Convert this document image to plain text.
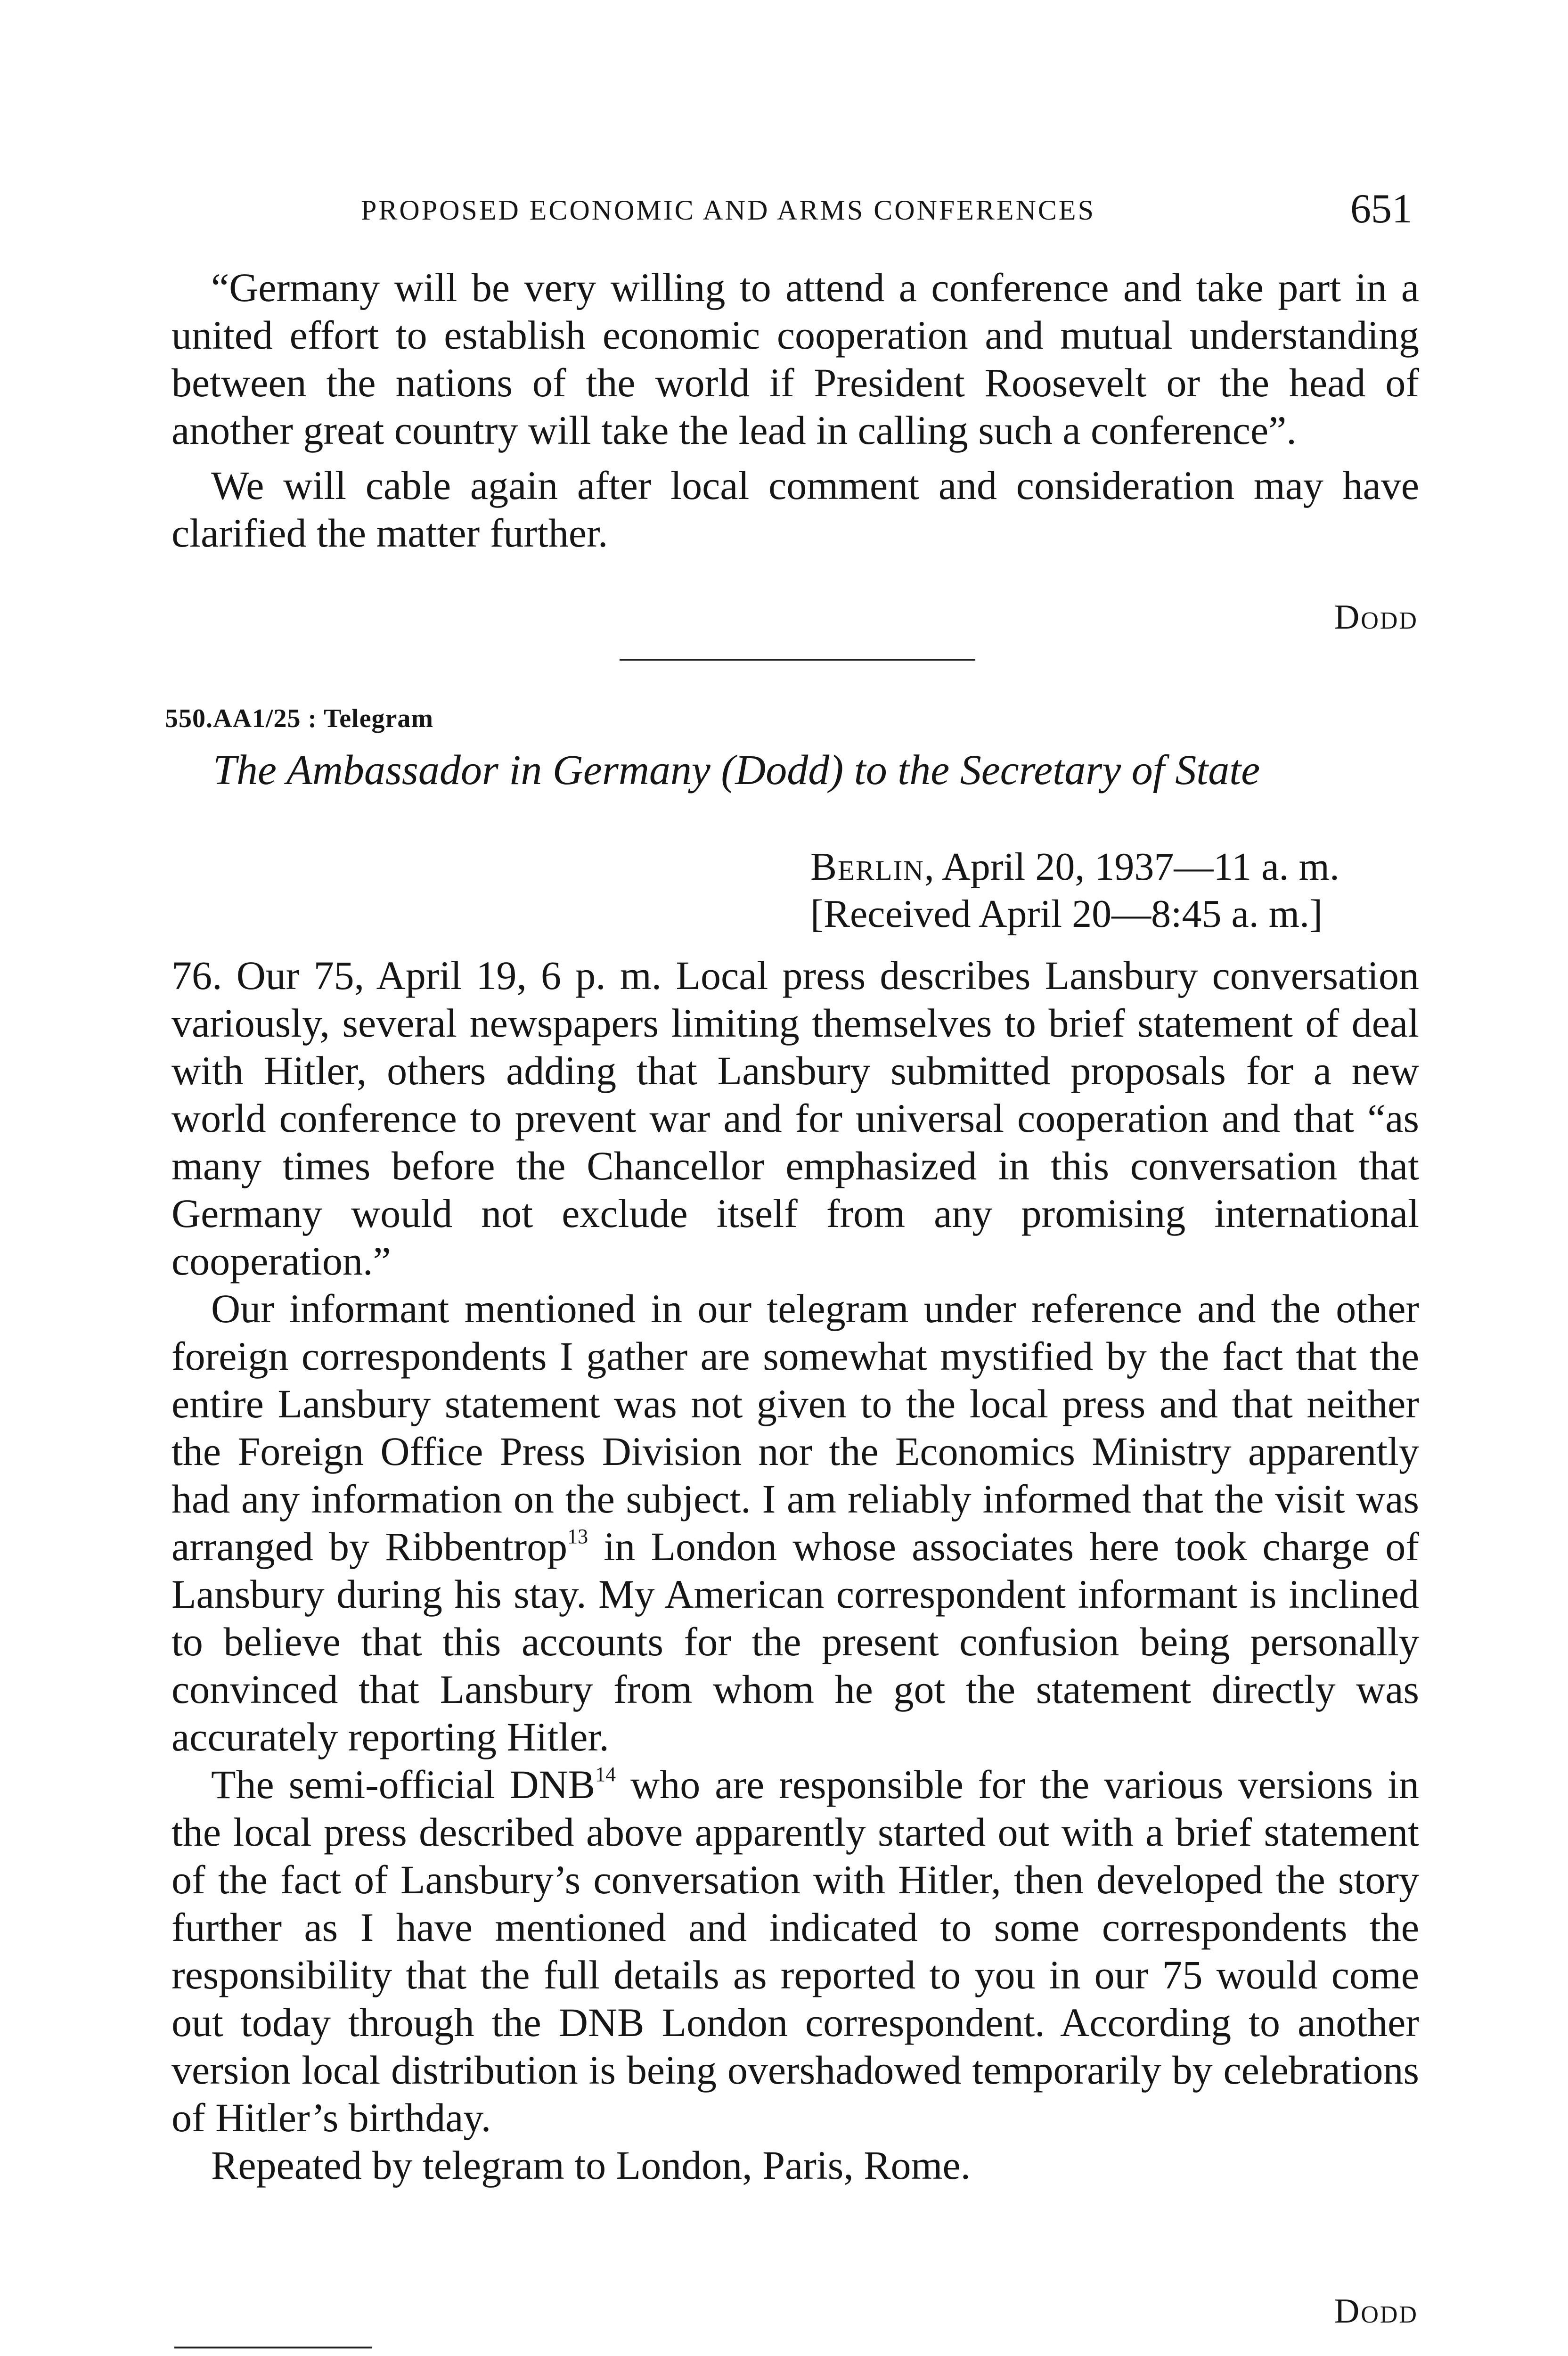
PROPOSED ECONOMIC AND ARMS CONFERENCES	651

“Germany will be very willing to attend a conference and take part in a united effort to establish economic cooperation and mutual understanding between the nations of the world if President Roosevelt or the head of another great country will take the lead in calling such a conference”.

We will cable again after local comment and consideration may have clarified the matter further.

Dodd
550.AA1/25 : Telegram
The Ambassador in Germany (Dodd) to the Secretary of State
Berlin, April 20, 1937—11 a. m.
[Received April 20—8:45 a. m.]

76. Our 75, April 19, 6 p. m. Local press describes Lansbury conversation variously, several newspapers limiting themselves to brief statement of deal with Hitler, others adding that Lansbury submitted proposals for a new world conference to prevent war and for universal cooperation and that “as many times before the Chancellor emphasized in this conversation that Germany would not exclude itself from any promising international cooperation.”

Our informant mentioned in our telegram under reference and the other foreign correspondents I gather are somewhat mystified by the fact that the entire Lansbury statement was not given to the local press and that neither the Foreign Office Press Division nor the Economics Ministry apparently had any information on the subject. I am reliably informed that the visit was arranged by Ribbentrop$^{13}$ in London whose associates here took charge of Lansbury during his stay. My American correspondent informant is inclined to believe that this accounts for the present confusion being personally convinced that Lansbury from whom he got the statement directly was accurately reporting Hitler.

The semi-official DNB$^{14}$ who are responsible for the various versions in the local press described above apparently started out with a brief statement of the fact of Lansbury’s conversation with Hitler, then developed the story further as I have mentioned and indicated to some correspondents the responsibility that the full details as reported to you in our 75 would come out today through the DNB London correspondent. According to another version local distribution is being overshadowed temporarily by celebrations of Hitler’s birthday.

Repeated by telegram to London, Paris, Rome.

Dodd
